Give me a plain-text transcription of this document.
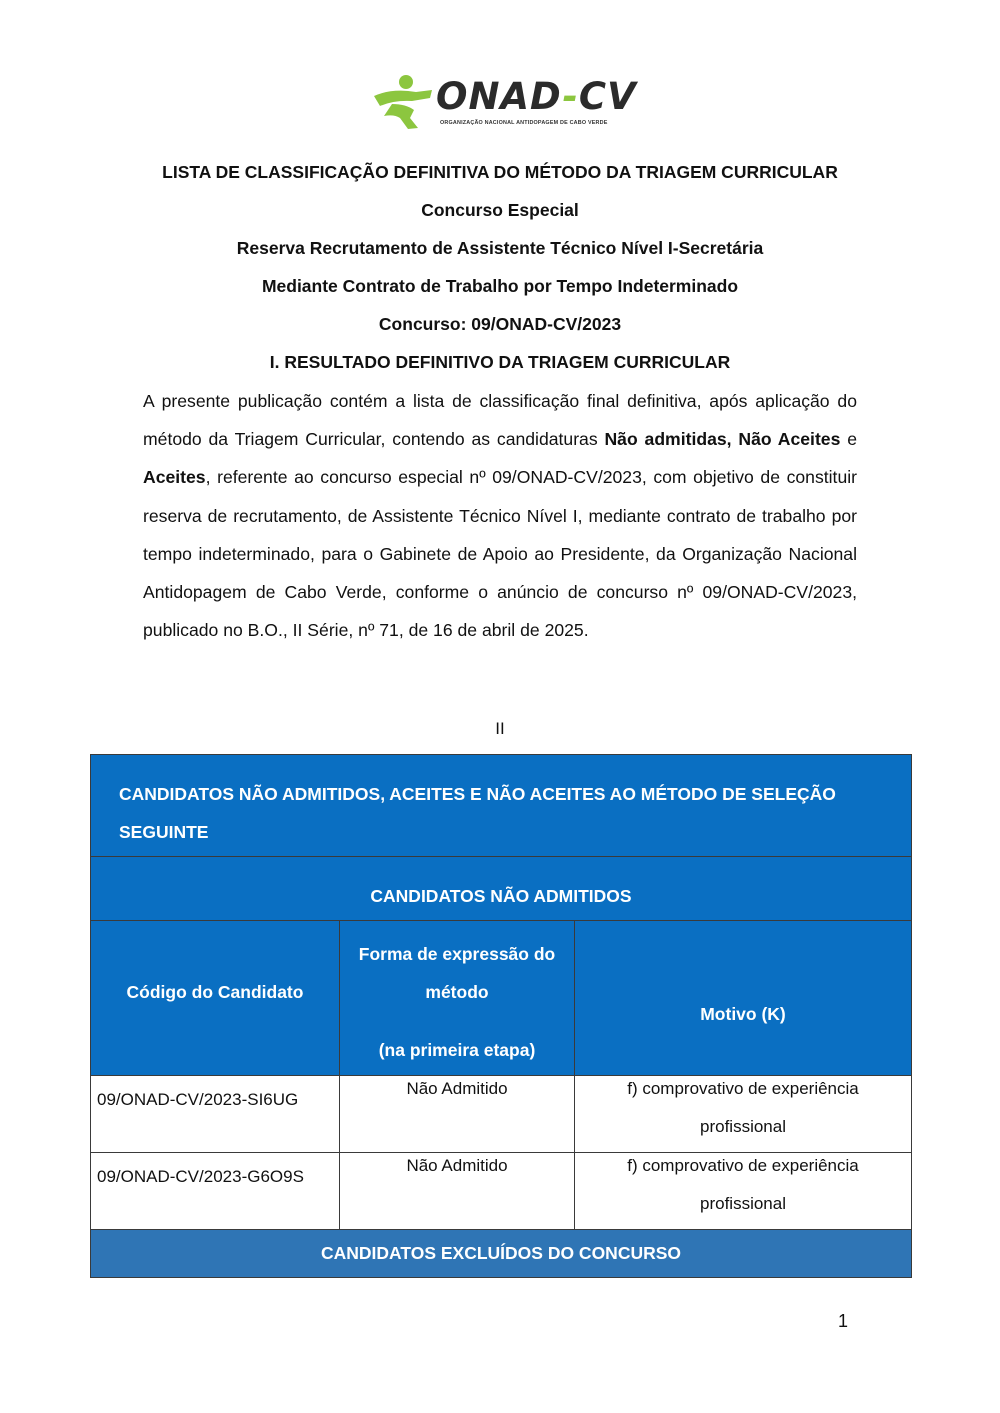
ONAD-CV
ORGANIZAÇÃO NACIONAL ANTIDOPAGEM DE CABO VERDE
LISTA DE CLASSIFICAÇÃO DEFINITIVA DO MÉTODO DA TRIAGEM CURRICULAR
Concurso Especial
Reserva Recrutamento de Assistente Técnico Nível I-Secretária
Mediante Contrato de Trabalho por Tempo Indeterminado
Concurso: 09/ONAD-CV/2023
I. RESULTADO DEFINITIVO DA TRIAGEM CURRICULAR
A presente publicação contém a lista de classificação final definitiva, após aplicação do método da Triagem Curricular, contendo as candidaturas Não admitidas, Não Aceites e Aceites, referente ao concurso especial nº 09/ONAD-CV/2023, com objetivo de constituir reserva de recrutamento, de Assistente Técnico Nível I, mediante contrato de trabalho por tempo indeterminado, para o Gabinete de Apoio ao Presidente, da Organização Nacional Antidopagem de Cabo Verde, conforme o anúncio de concurso nº 09/ONAD-CV/2023, publicado no B.O., II Série, nº 71, de 16 de abril de 2025.
II
CANDIDATOS NÃO ADMITIDOS, ACEITES E NÃO ACEITES AO MÉTODO DE SELEÇÃO
SEGUINTE
CANDIDATOS NÃO ADMITIDOS
Código do Candidato
Forma de expressão do
método
(na primeira etapa)
Motivo (K)
09/ONAD-CV/2023-SI6UG
Não Admitido	f) comprovativo de experiência
profissional
09/ONAD-CV/2023-G6O9S
Não Admitido	f) comprovativo de experiência
profissional
CANDIDATOS EXCLUÍDOS DO CONCURSO
1
